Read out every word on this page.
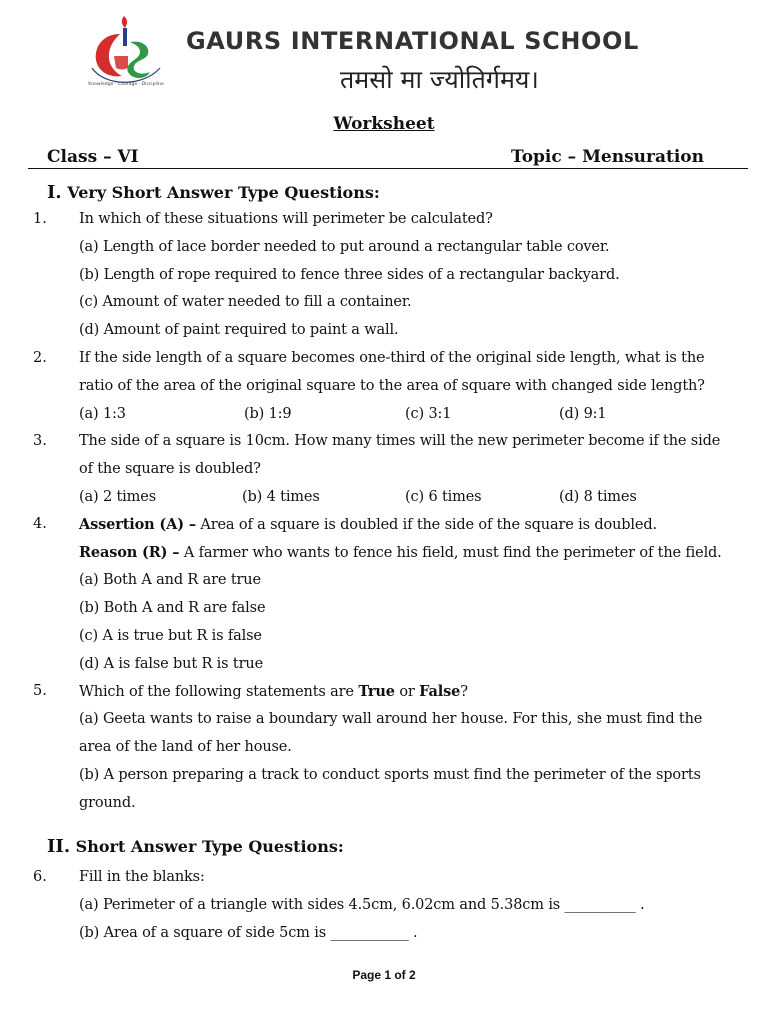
Knowledge · Courage · Discipline
GAURS INTERNATIONAL SCHOOL
तमसो मा ज्योतिर्गमय।
Worksheet
Class – VI	Topic – Mensuration
I. Very Short Answer Type Questions:
1. In which of these situations will perimeter be calculated?
(a) Length of lace border needed to put around a rectangular table cover.
(b) Length of rope required to fence three sides of a rectangular backyard.
(c) Amount of water needed to fill a container.
(d) Amount of paint required to paint a wall.
2. If the side length of a square becomes one-third of the original side length, what is the
ratio of the area of the original square to the area of square with changed side length?
(a) 1:3	(b) 1:9	(c) 3:1	(d) 9:1
3. The side of a square is 10cm. How many times will the new perimeter become if the side
of the square is doubled?
(a) 2 times	(b) 4 times	(c) 6 times	(d) 8 times
4. Assertion (A) – Area of a square is doubled if the side of the square is doubled.
Reason (R) – A farmer who wants to fence his field, must find the perimeter of the field.
(a) Both A and R are true
(b) Both A and R are false
(c) A is true but R is false
(d) A is false but R is true
5. Which of the following statements are True or False?
(a) Geeta wants to raise a boundary wall around her house. For this, she must find the
area of the land of her house.
(b) A person preparing a track to conduct sports must find the perimeter of the sports
ground.
II. Short Answer Type Questions:
6. Fill in the blanks:
(a) Perimeter of a triangle with sides 4.5cm, 6.02cm and 5.38cm is __________ .
(b) Area of a square of side 5cm is ___________ .
Page 1 of 2
